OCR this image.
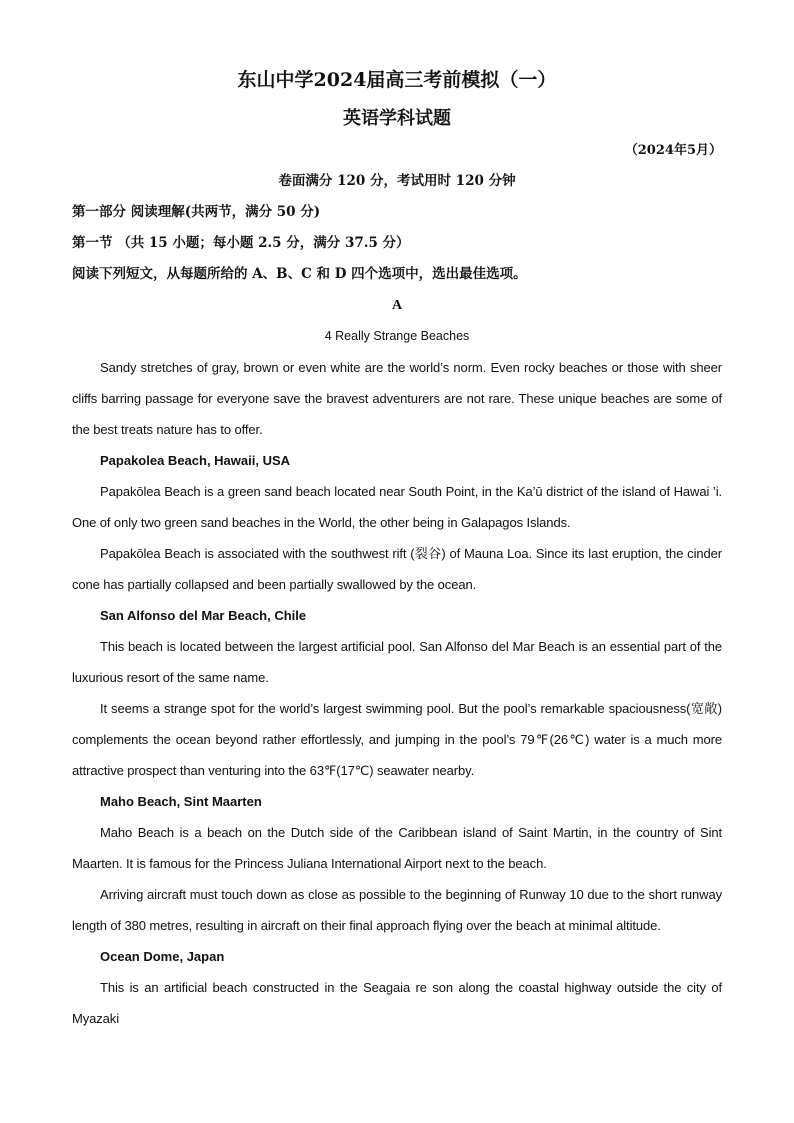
东山中学2024届高三考前模拟（一）
英语学科试题
（2024年5月）
卷面满分 120 分，考试用时 120 分钟
第一部分 阅读理解(共两节，满分 50 分)
第一节 （共 15 小题；每小题 2.5 分，满分 37.5 分）
阅读下列短文，从每题所给的 A、B、C 和 D 四个选项中，选出最佳选项。
A
4 Really Strange Beaches

Sandy stretches of gray, brown or even white are the world’s norm. Even rocky beaches or those with sheer cliffs barring passage for everyone save the bravest adventurers are not rare. These unique beaches are some of the best treats nature has to offer.

Papakolea Beach, Hawaii, USA

Papakōlea Beach is a green sand beach located near South Point, in the Ka’ū district of the island of Hawai ’i. One of only two green sand beaches in the World, the other being in Galapagos Islands.

Papakōlea Beach is associated with the southwest rift (裂谷) of Mauna Loa. Since its last eruption, the cinder cone has partially collapsed and been partially swallowed by the ocean.

San Alfonso del Mar Beach, Chile

This beach is located between the largest artificial pool. San Alfonso del Mar Beach is an essential part of the luxurious resort of the same name.

It seems a strange spot for the world’s largest swimming pool. But the pool’s remarkable spaciousness(宽敞) complements the ocean beyond rather effortlessly, and jumping in the pool’s 79℉(26℃) water is a much more attractive prospect than venturing into the 63℉(17℃) seawater nearby.

Maho Beach, Sint Maarten

Maho Beach is a beach on the Dutch side of the Caribbean island of Saint Martin, in the country of Sint Maarten. It is famous for the Princess Juliana International Airport next to the beach.

Arriving aircraft must touch down as close as possible to the beginning of Runway 10 due to the short runway length of 380 metres, resulting in aircraft on their final approach flying over the beach at minimal altitude.

Ocean Dome, Japan

This is an artificial beach constructed in the Seagaia re son along the coastal highway outside the city of Myazaki
